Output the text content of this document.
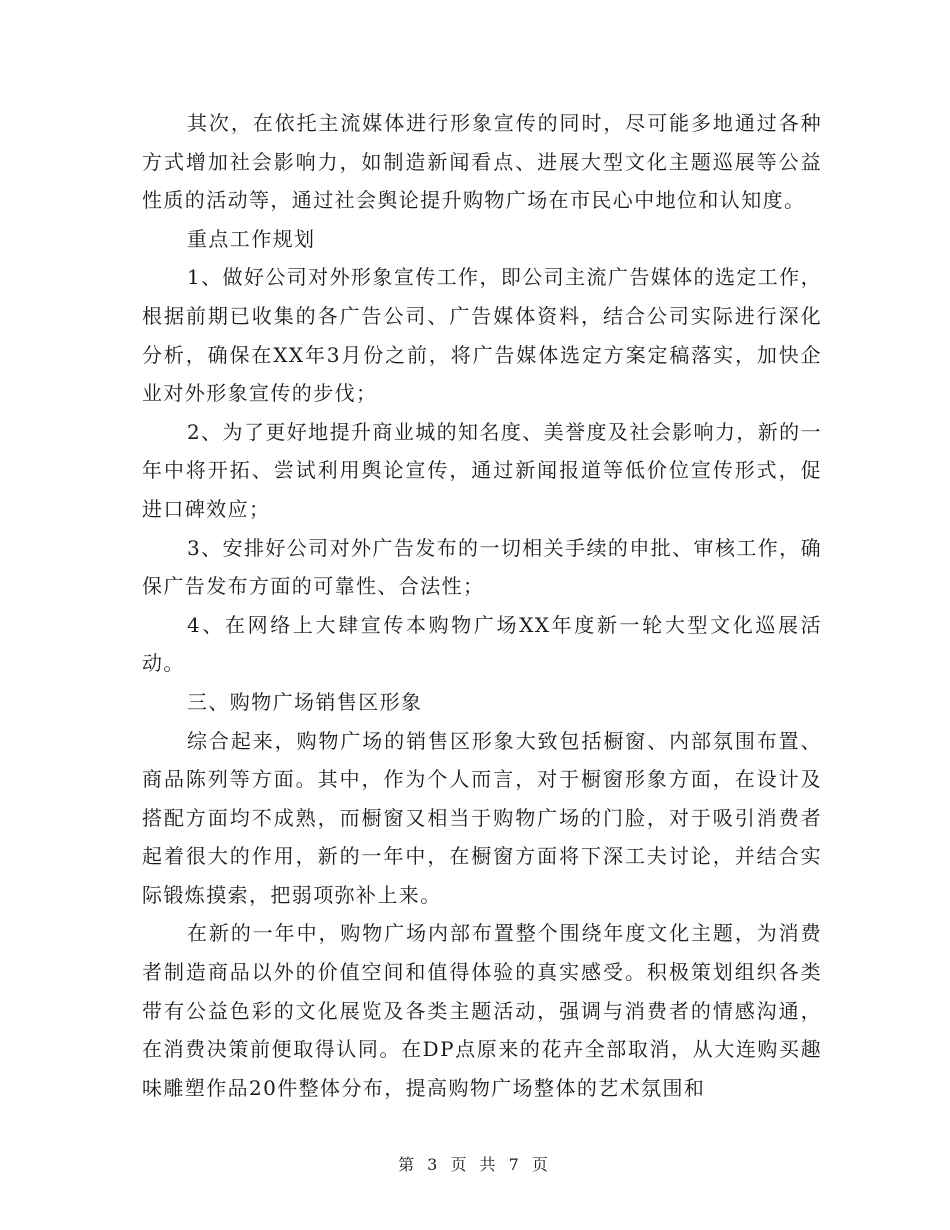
其次，在依托主流媒体进行形象宣传的同时，尽可能多地通过各种方式增加社会影响力，如制造新闻看点、进展大型文化主题巡展等公益性质的活动等，通过社会舆论提升购物广场在市民心中地位和认知度。

重点工作规划

1、做好公司对外形象宣传工作，即公司主流广告媒体的选定工作，根据前期已收集的各广告公司、广告媒体资料，结合公司实际进行深化分析，确保在XX年3月份之前，将广告媒体选定方案定稿落实，加快企业对外形象宣传的步伐；

2、为了更好地提升商业城的知名度、美誉度及社会影响力，新的一年中将开拓、尝试利用舆论宣传，通过新闻报道等低价位宣传形式，促进口碑效应；

3、安排好公司对外广告发布的一切相关手续的申批、审核工作，确保广告发布方面的可靠性、合法性；

4、在网络上大肆宣传本购物广场XX年度新一轮大型文化巡展活动。

三、购物广场销售区形象

综合起来，购物广场的销售区形象大致包括橱窗、内部氛围布置、商品陈列等方面。其中，作为个人而言，对于橱窗形象方面，在设计及搭配方面均不成熟，而橱窗又相当于购物广场的门脸，对于吸引消费者起着很大的作用，新的一年中，在橱窗方面将下深工夫讨论，并结合实际锻炼摸索，把弱项弥补上来。

在新的一年中，购物广场内部布置整个围绕年度文化主题，为消费者制造商品以外的价值空间和值得体验的真实感受。积极策划组织各类带有公益色彩的文化展览及各类主题活动，强调与消费者的情感沟通，在消费决策前便取得认同。在DP点原来的花卉全部取消，从大连购买趣味雕塑作品20件整体分布，提高购物广场整体的艺术氛围和

第 3 页 共 7 页
